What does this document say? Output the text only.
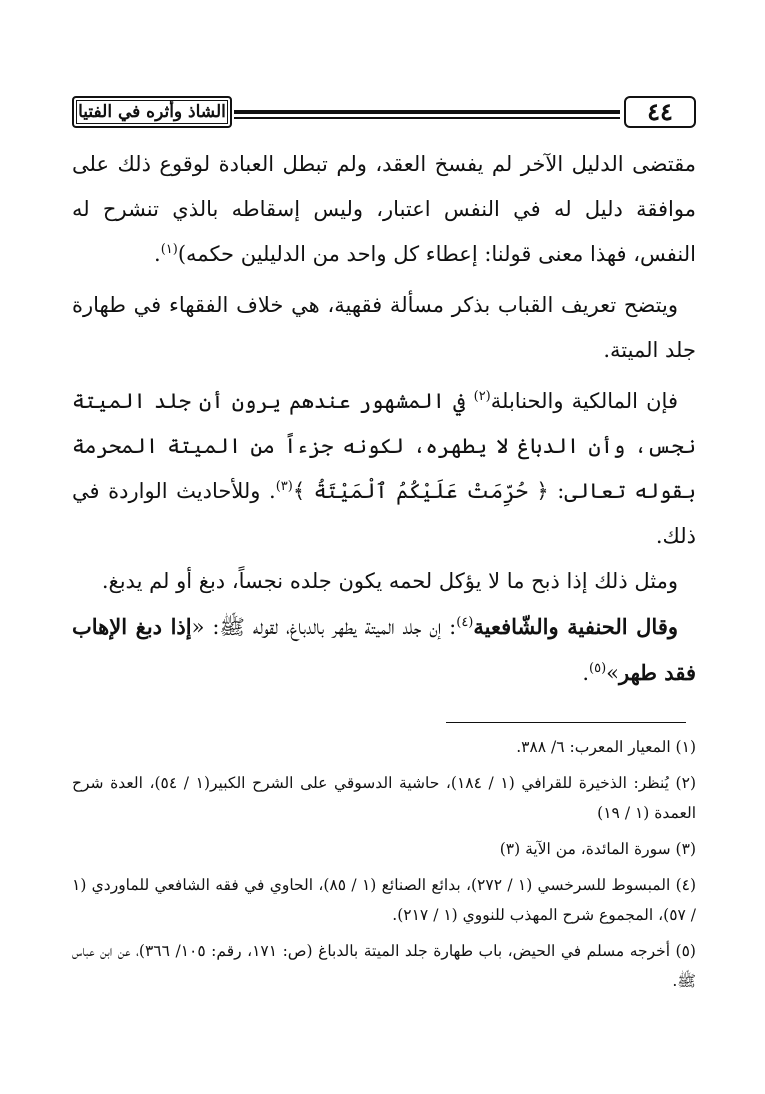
الشاذ وأثره في الفتيا	٤٤

مقتضى الدليل الآخر لم يفسخ العقد، ولم تبطل العبادة لوقوع ذلك على موافقة دليل له في النفس اعتبار، وليس إسقاطه بالذي تنشرح له النفس، فهذا معنى قولنا: إعطاء كل واحد من الدليلين حكمه)$^{(١)}$.

ويتضح تعريف القباب بذكر مسألة فقهية، هي خلاف الفقهاء في طهارة جلد الميتة.

فإن المالكية والحنابلة$^{(٢)}$ في المشهور عندهم يرون أن جلد الميتة نجس، وأن الدباغ لا يطهره، لكونه جزءاً من الميتة المحرمة بقوله تعالى: ﴿ حُرِّمَتْ عَلَيْكُمُ ٱلْمَيْتَةُ ﴾$^{(٣)}$. وللأحاديث الواردة في ذلك.

ومثل ذلك إذا ذبح ما لا يؤكل لحمه يكون جلده نجساً، دبغ أو لم يدبغ.

وقال الحنفية والشّافعية$^{(٤)}$: إن جلد الميتة يطهر بالدباغ، لقوله ﷺ: «إذا دبغ الإهاب فقد طهر»$^{(٥)}$.

(١) المعيار المعرب: ٦/ ٣٨٨.

(٢) يُنظر: الذخيرة للقرافي (١ / ١٨٤)، حاشية الدسوقي على الشرح الكبير(١ / ٥٤)، العدة شرح العمدة (١ / ١٩)

(٣) سورة المائدة، من الآية (٣)

(٤) المبسوط للسرخسي (١ / ٢٧٢)، بدائع الصنائع (١ / ٨٥)، الحاوي في فقه الشافعي للماوردي (١ / ٥٧)، المجموع شرح المهذب للنووي (١ / ٢١٧).

(٥) أخرجه مسلم في الحيض، باب طهارة جلد الميتة بالدباغ (ص: ١٧١، رقم: ١٠٥/ ٣٦٦)، عن ابن عباس ﷺ.
